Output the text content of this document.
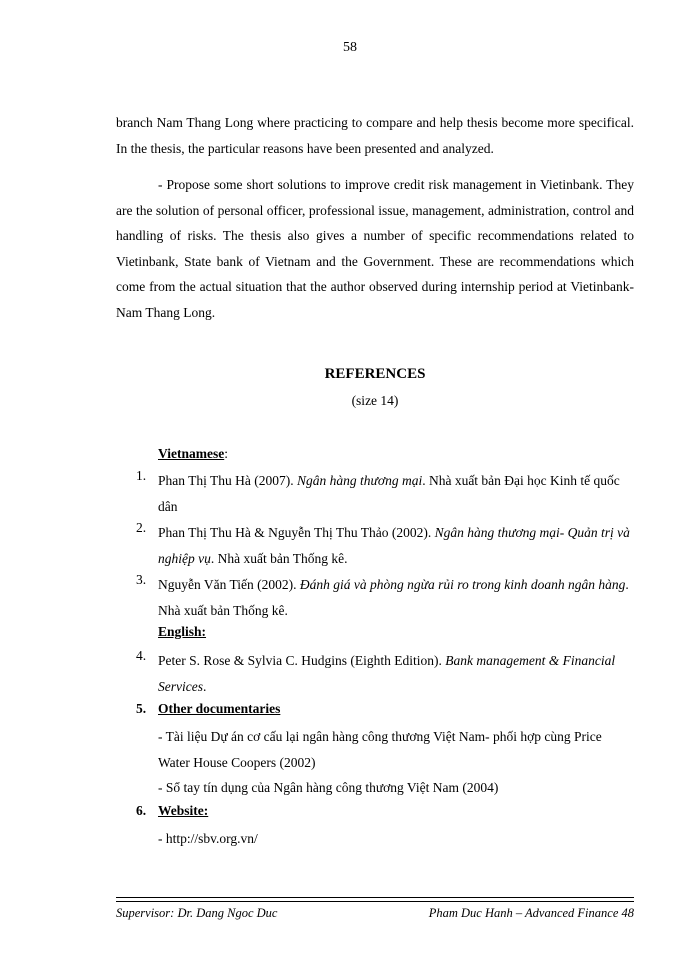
58
branch Nam Thang Long where practicing to compare and help thesis become more specifical. In the thesis, the particular reasons have been presented and analyzed.
- Propose some short solutions to improve credit risk management in Vietinbank. They are the solution of personal officer, professional issue, management, administration, control and handling of risks. The thesis also gives a number of specific recommendations related to Vietinbank, State bank of Vietnam and the Government. These are recommendations which come from the actual situation that the author observed during internship period at Vietinbank-Nam Thang Long.
REFERENCES
(size 14)
Vietnamese:
1. Phan Thị Thu Hà (2007). Ngân hàng thương mại. Nhà xuất bản Đại học Kinh tế quốc dân
2. Phan Thị Thu Hà & Nguyễn Thị Thu Thảo (2002). Ngân hàng thương mại- Quản trị và nghiệp vụ. Nhà xuất bản Thống kê.
3. Nguyễn Văn Tiến (2002). Đánh giá và phòng ngừa rủi ro trong kinh doanh ngân hàng. Nhà xuất bản Thống kê.
English:
4. Peter S. Rose & Sylvia C. Hudgins (Eighth Edition). Bank management & Financial Services.
5. Other documentaries
- Tài liệu Dự án cơ cấu lại ngân hàng công thương Việt Nam- phối hợp cùng Price Water House Coopers (2002)
- Sổ tay tín dụng của Ngân hàng công thương Việt Nam (2004)
6. Website:
- http://sbv.org.vn/
Supervisor: Dr. Dang Ngoc Duc	Pham Duc Hanh – Advanced Finance 48
